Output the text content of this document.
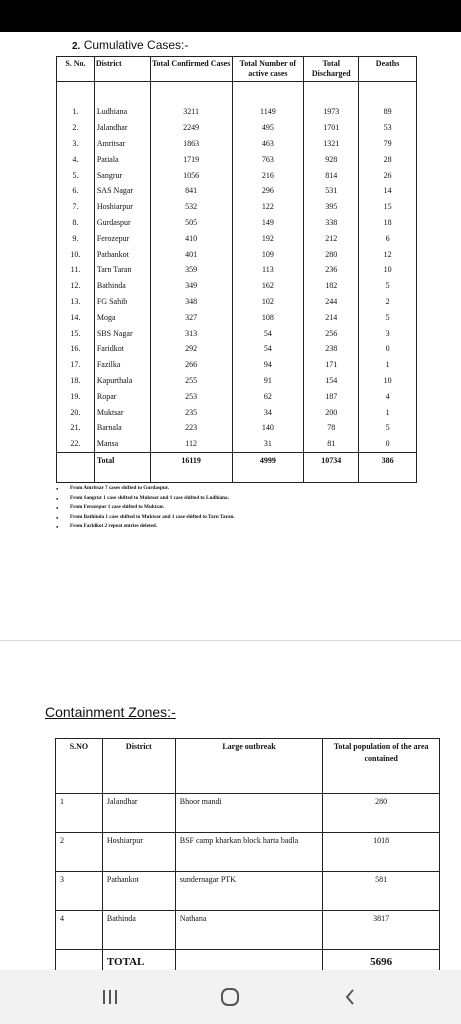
2. Cumulative Cases:-
S. No.	District	Total Confirmed Cases	Total Number of active cases	Total Discharged	Deaths

1.	Ludhiana	3211	1149	1973	89
2.	Jalandhar	2249	495	1701	53
3.	Amritsar	1863	463	1321	79
4.	Patiala	1719	763	928	28
5.	Sangrur	1056	216	814	26
6.	SAS Nagar	841	296	531	14
7.	Hoshiarpur	532	122	395	15
8.	Gurdaspur	505	149	338	18
9.	Ferozepur	410	192	212	6
10.	Pathankot	401	109	280	12
11.	Tarn Taran	359	113	236	10
12.	Bathinda	349	162	182	5
13.	FG Sahib	348	102	244	2
14.	Moga	327	108	214	5
15.	SBS Nagar	313	54	256	3
16.	Faridkot	292	54	238	0
17.	Fazilka	266	94	171	1
18.	Kapurthala	255	91	154	10
19.	Ropar	253	62	187	4
20.	Muktsar	235	34	200	1
21.	Barnala	223	140	78	5
22.	Mansa	112	31	81	0
	Total	16119	4999	10734	386
● From Amritsar 7 cases shifted to Gurdaspur.
● From Sangrur 1 case shifted to Muktsar and 1 case shifted to Ludhiana.
● From Ferozepur 1 case shifted to Muktsar.
● From Bathinda 1 case shifted to Muktsar and 1 case shifted to Tarn Taran.
● From Faridkot 2 repeat entries deleted.
Containment Zones:-
S.NO	District	Large outbreak	Total population of the area contained
1	Jalandhar	Bhoor mandi	280
2	Hoshiarpur	BSF camp kharkan block harta badla	1018
3	Pathankot	sundernagar PTK	581
4	Bathinda	Nathana	3817
	TOTAL		5696
